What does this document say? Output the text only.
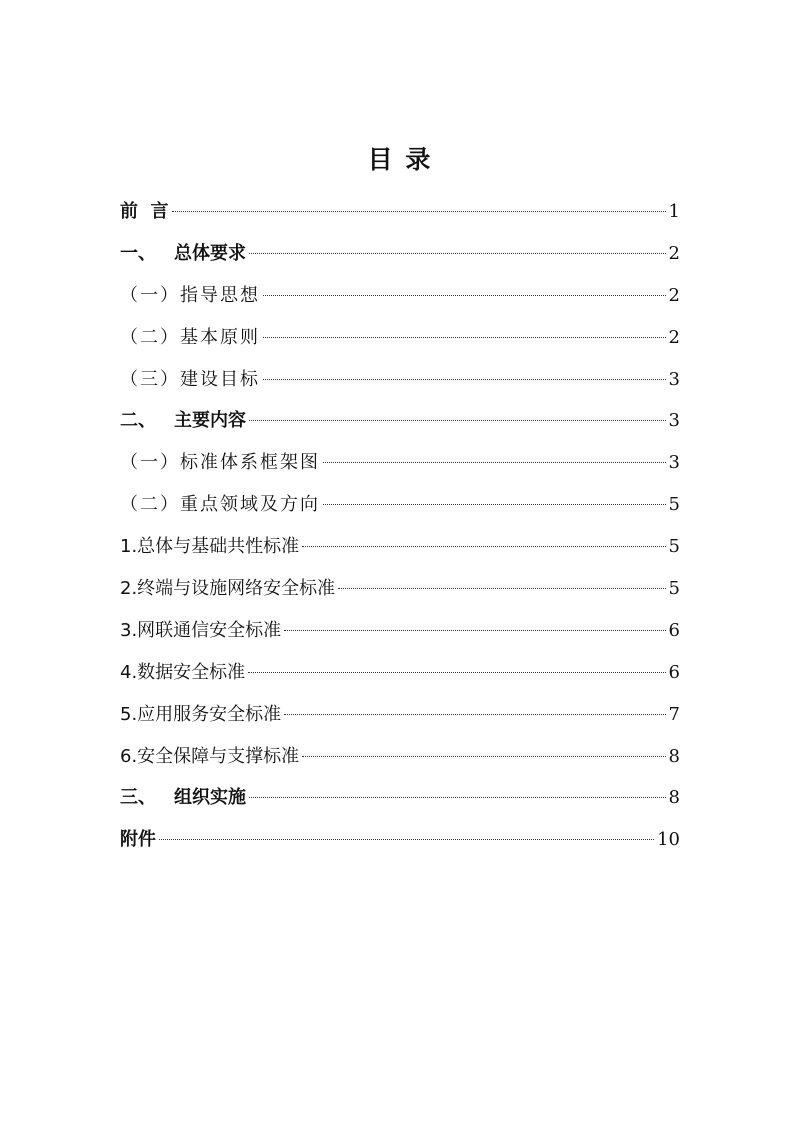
目 录
前  言	1
一、 总体要求	2
（一）指导思想	2
（二）基本原则	2
（三）建设目标	3
二、 主要内容	3
（一）标准体系框架图	3
（二）重点领域及方向	5
1.总体与基础共性标准	5
2.终端与设施网络安全标准	5
3.网联通信安全标准	6
4.数据安全标准	6
5.应用服务安全标准	7
6.安全保障与支撑标准	8
三、 组织实施	8
附件	10
